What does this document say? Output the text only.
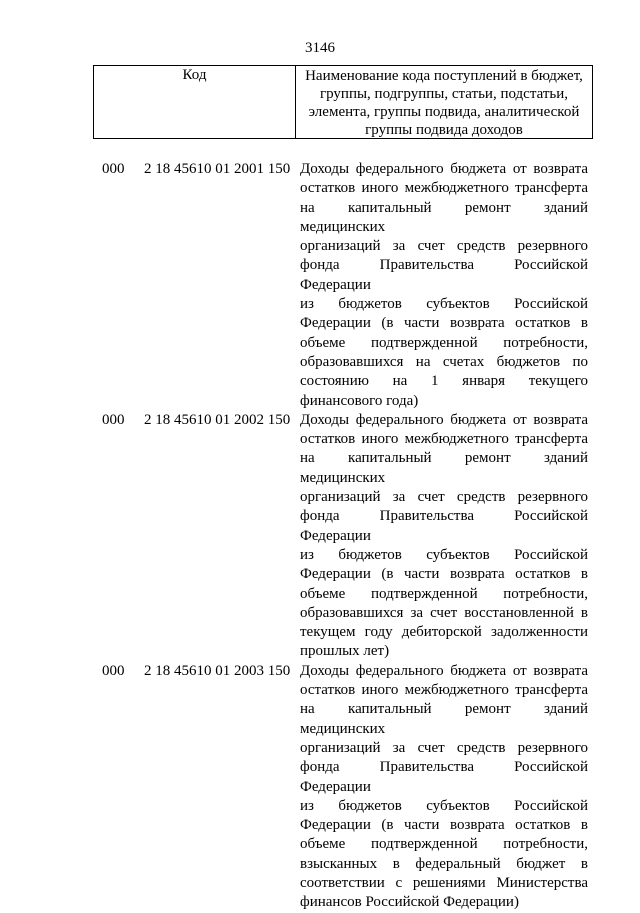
3146
Код	Наименование кода поступлений в бюджет,
группы, подгруппы, статьи, подстатьи,
элемента, группы подвида, аналитической
группы подвида доходов
000 2 18 45610 01 2001 150 Доходы федерального бюджета от возврата
остатков иного межбюджетного трансферта
на капитальный ремонт зданий медицинских
организаций за счет средств резервного
фонда Правительства Российской Федерации
из бюджетов субъектов Российской
Федерации (в части возврата остатков в
объеме подтвержденной потребности,
образовавшихся на счетах бюджетов по
состоянию на 1 января текущего
финансового года)
000 2 18 45610 01 2002 150 Доходы федерального бюджета от возврата
остатков иного межбюджетного трансферта
на капитальный ремонт зданий медицинских
организаций за счет средств резервного
фонда Правительства Российской Федерации
из бюджетов субъектов Российской
Федерации (в части возврата остатков в
объеме подтвержденной потребности,
образовавшихся за счет восстановленной в
текущем году дебиторской задолженности
прошлых лет)
000 2 18 45610 01 2003 150 Доходы федерального бюджета от возврата
остатков иного межбюджетного трансферта
на капитальный ремонт зданий медицинских
организаций за счет средств резервного
фонда Правительства Российской Федерации
из бюджетов субъектов Российской
Федерации (в части возврата остатков в
объеме подтвержденной потребности,
взысканных в федеральный бюджет в
соответствии с решениями Министерства
финансов Российской Федерации)
